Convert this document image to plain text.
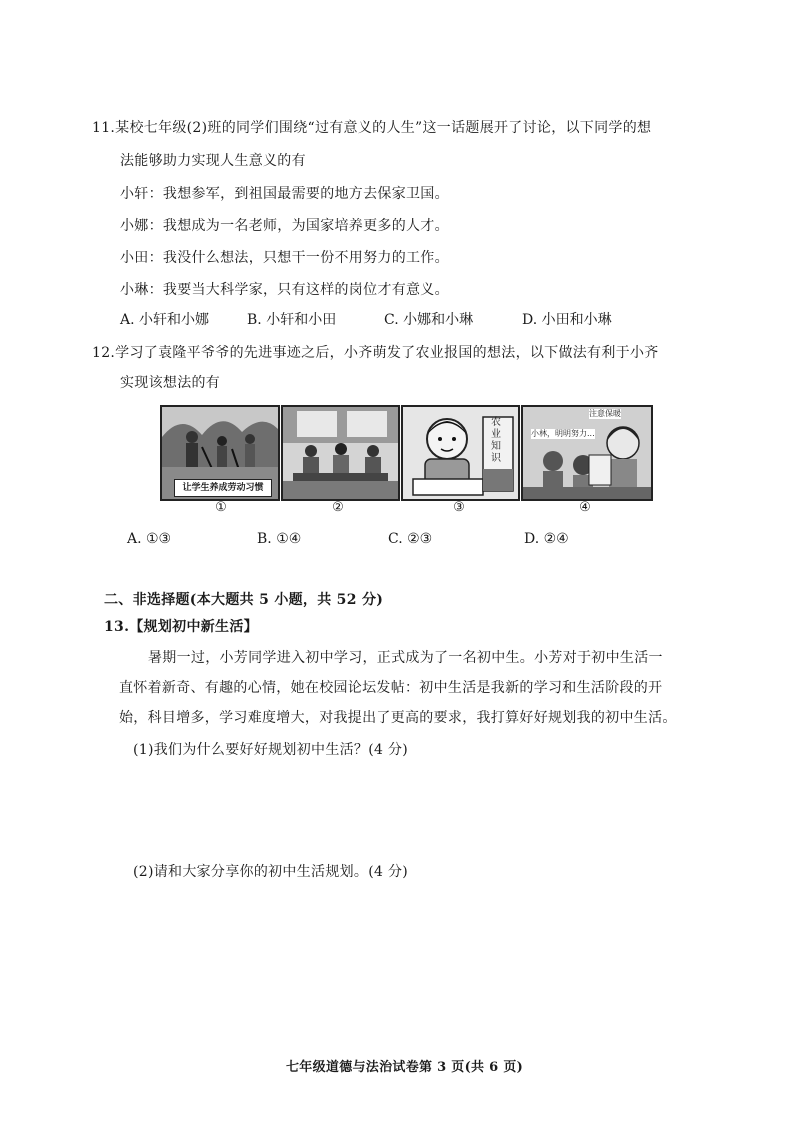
11.某校七年级(2)班的同学们围绕“过有意义的人生”这一话题展开了讨论，以下同学的想
法能够助力实现人生意义的有
小轩：我想参军，到祖国最需要的地方去保家卫国。
小娜：我想成为一名老师，为国家培养更多的人才。
小田：我没什么想法，只想干一份不用努力的工作。
小琳：我要当大科学家，只有这样的岗位才有意义。
A. 小轩和小娜	B. 小轩和小田	C. 小娜和小琳	D. 小田和小琳
12.学习了袁隆平爷爷的先进事迹之后，小齐萌发了农业报国的想法，以下做法有利于小齐
实现该想法的有
让学生养成劳动习惯
农
业
知
识
注意保暖
小林，明明努力...
①	②	③	④
A. ①③	B. ①④	C. ②③	D. ②④
二、非选择题(本大题共 5 小题，共 52 分)
13.【规划初中新生活】
暑期一过，小芳同学进入初中学习，正式成为了一名初中生。小芳对于初中生活一
直怀着新奇、有趣的心情，她在校园论坛发帖：初中生活是我新的学习和生活阶段的开
始，科目增多，学习难度增大，对我提出了更高的要求，我打算好好规划我的初中生活。
(1)我们为什么要好好规划初中生活？(4 分)
(2)请和大家分享你的初中生活规划。(4 分)
七年级道德与法治试卷第 3 页(共 6 页)
